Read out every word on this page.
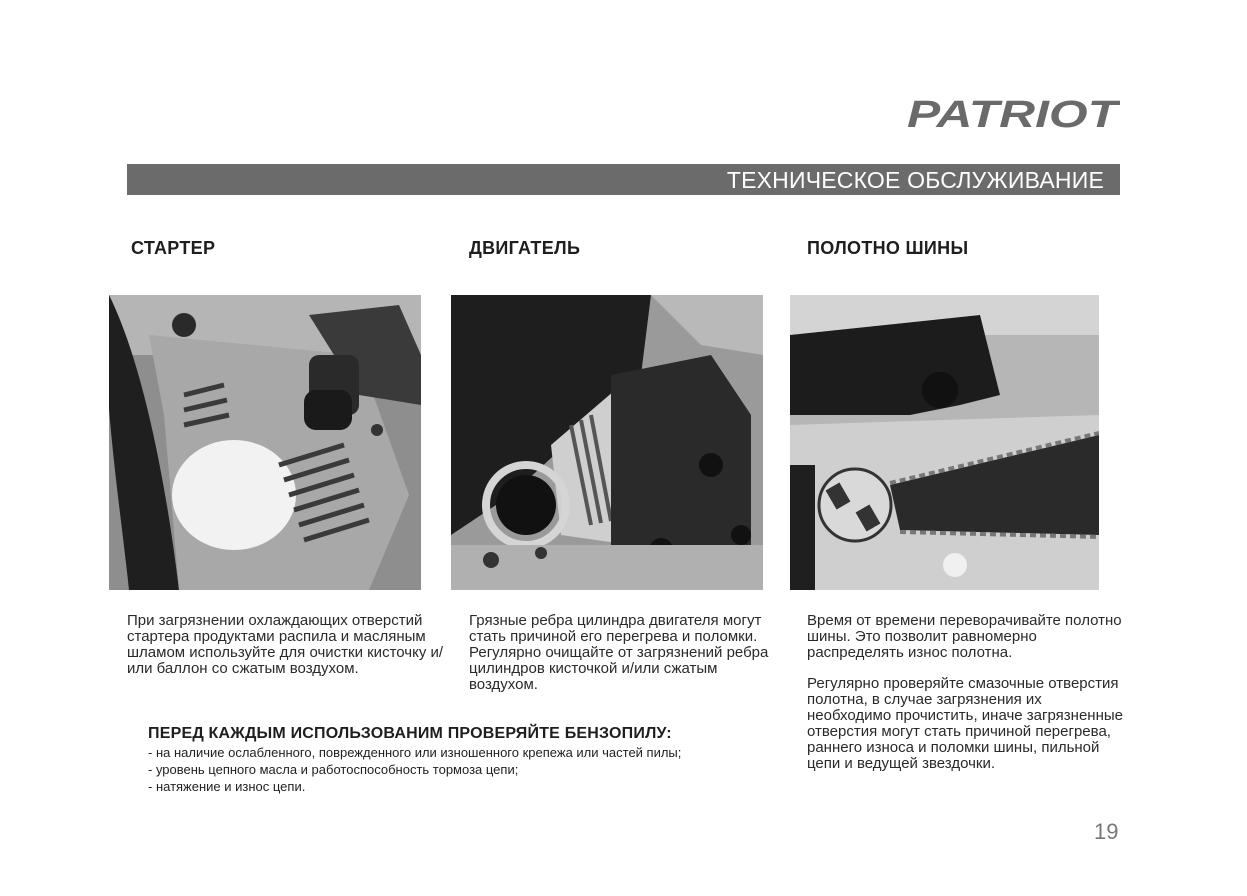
PATRIOT
ТЕХНИЧЕСКОЕ ОБСЛУЖИВАНИЕ
СТАРТЕР	ДВИГАТЕЛЬ	ПОЛОТНО ШИНЫ

При загрязнении охлаждающих отверстий стартера продуктами распила и масляным шламом используйте для очистки кисточку и/или баллон со сжатым воздухом.

Грязные ребра цилиндра двигателя могут стать причиной его перегрева и поломки. Регулярно очищайте от загрязнений ребра цилиндров кисточкой и/или сжатым воздухом.

Время от времени переворачивайте полотно шины. Это позволит равномерно распределять износ полотна.

Регулярно проверяйте смазочные отверстия полотна, в случае загрязнения их необходимо прочистить, иначе загрязненные отверстия могут стать причиной перегрева, раннего износа и поломки шины, пильной цепи и ведущей звездочки.

ПЕРЕД КАЖДЫМ ИСПОЛЬЗОВАНИМ ПРОВЕРЯЙТЕ БЕНЗОПИЛУ:
- на наличие ослабленного, поврежденного или изношенного крепежа или частей пилы;
- уровень цепного масла и работоспособность тормоза цепи;
- натяжение и износ цепи.
19
